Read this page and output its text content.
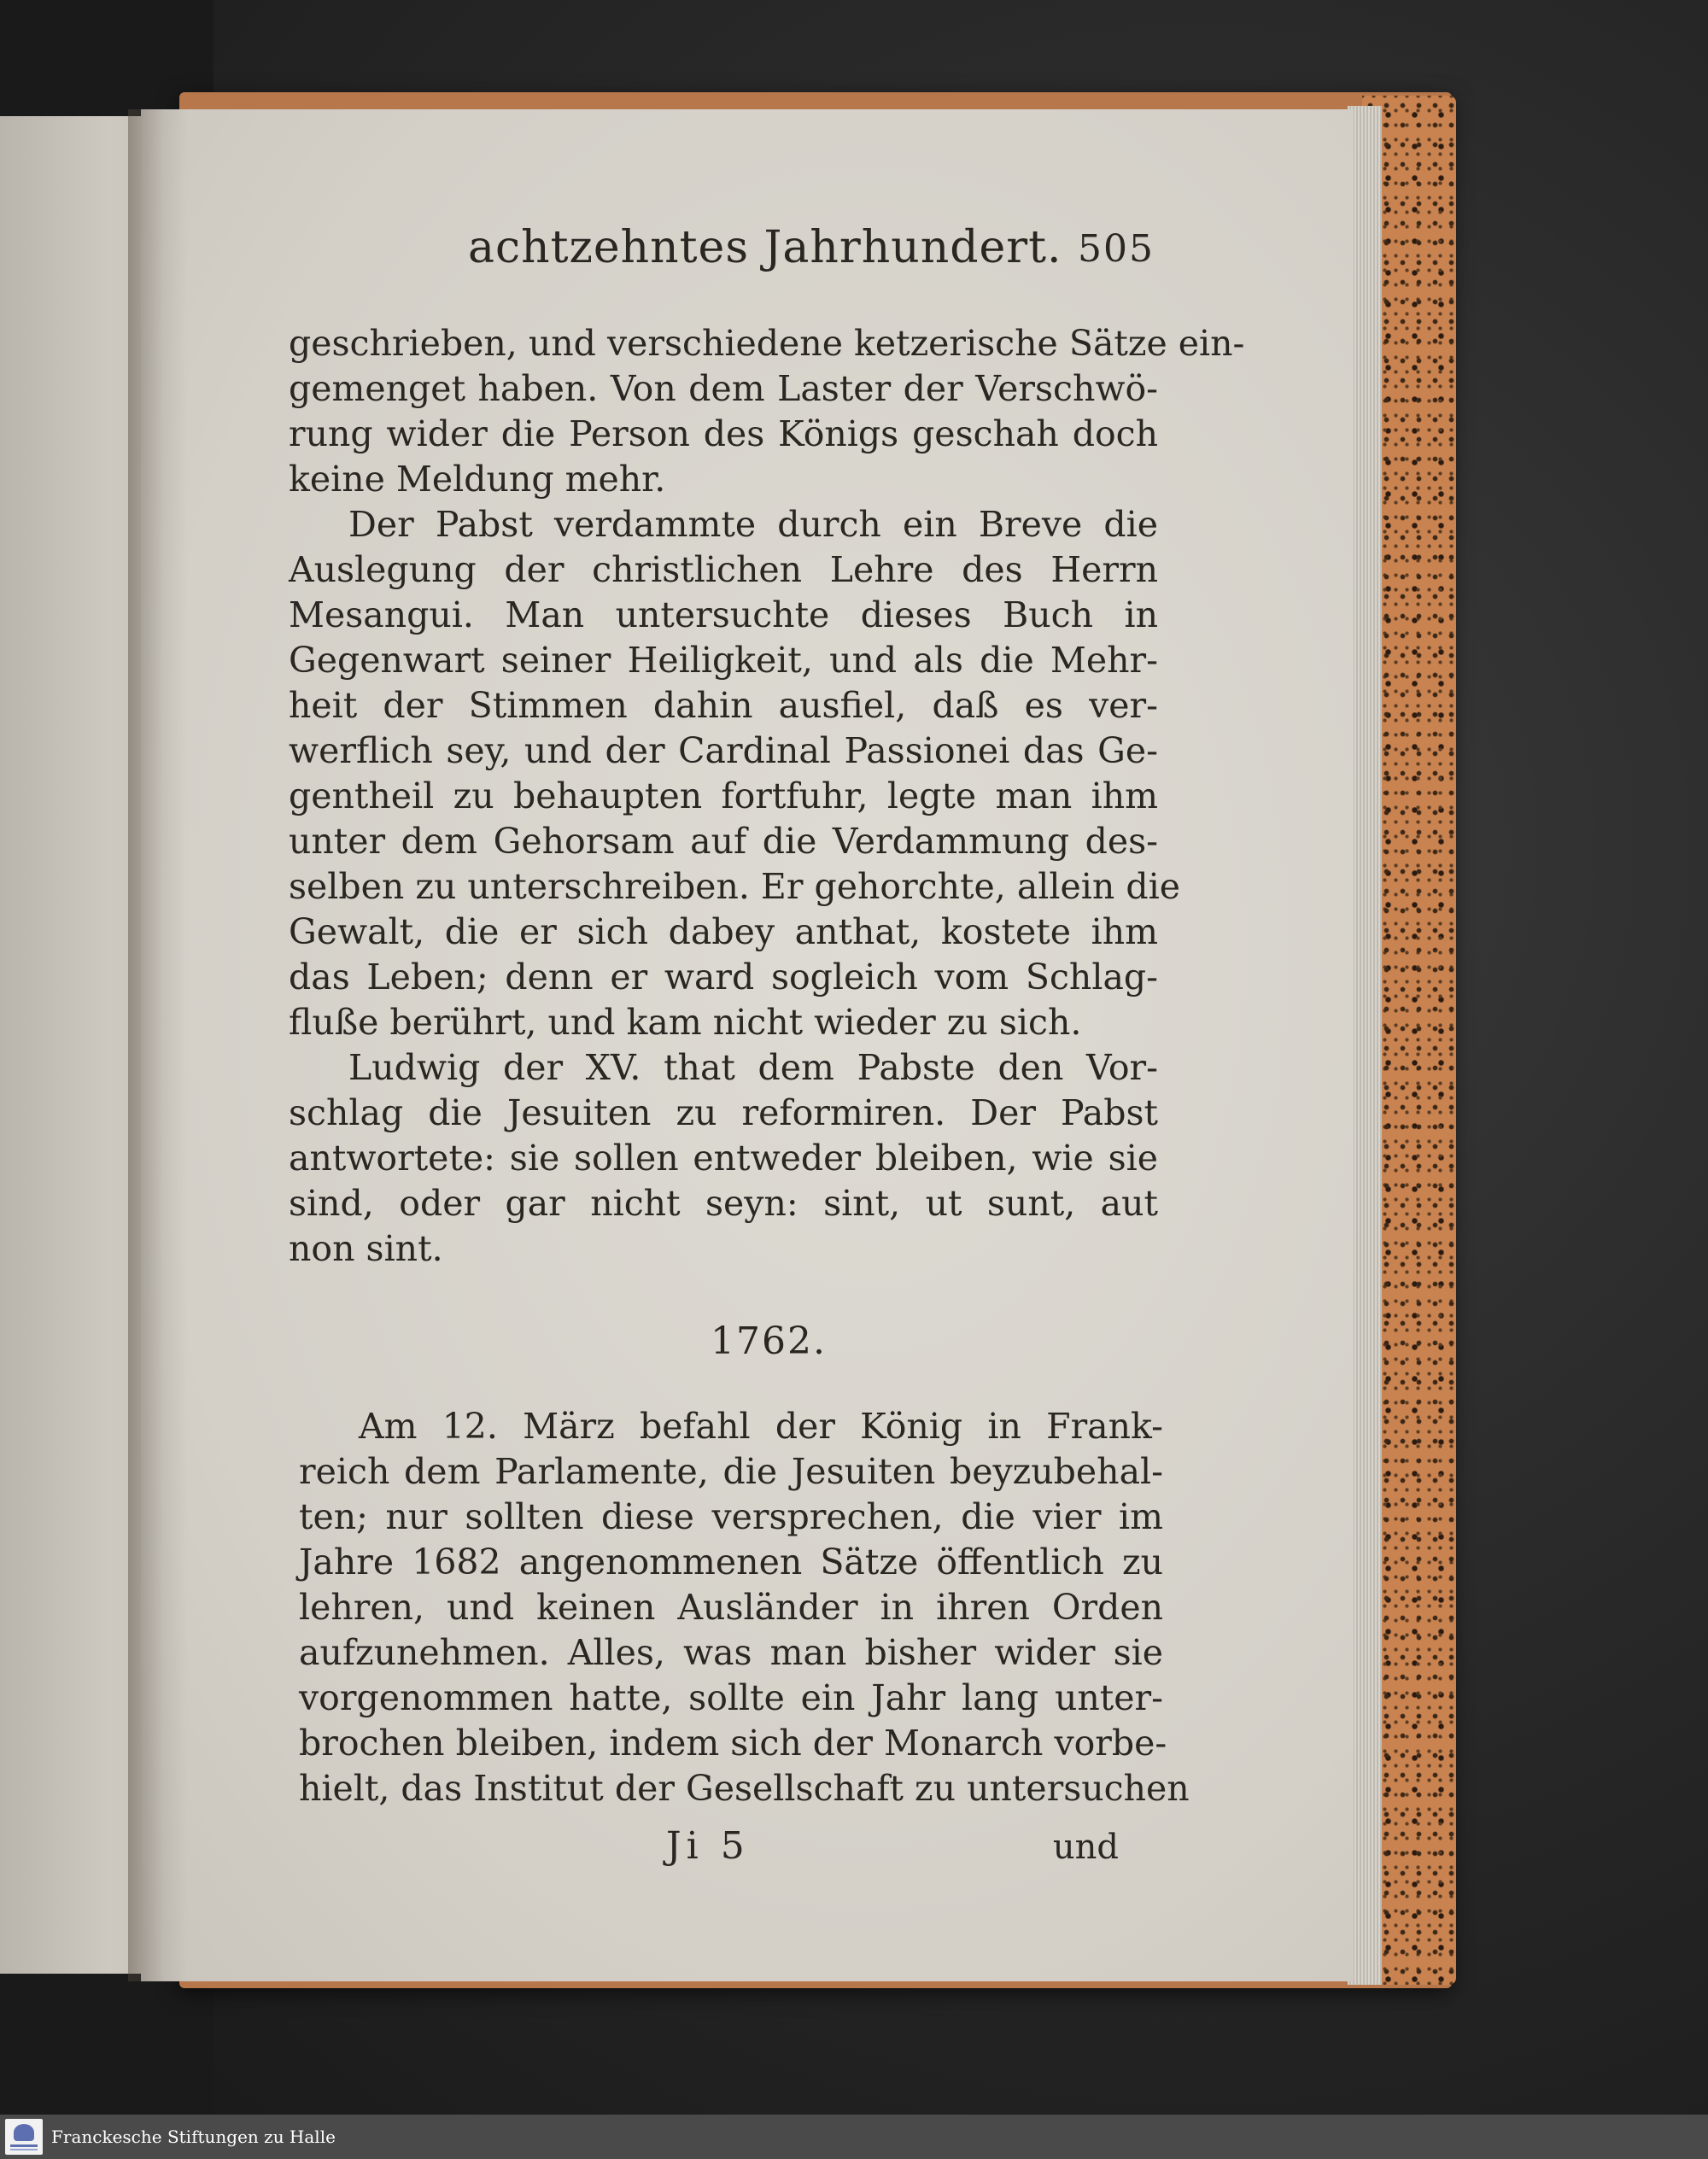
achtzehntes Jahrhundert. 505
geschrieben, und verschiedene ketzerische Sätze ein-
gemenget haben. Von dem Laster der Verschwö-
rung wider die Person des Königs geschah doch
keine Meldung mehr.
Der Pabst verdammte durch ein Breve die
Auslegung der christlichen Lehre des Herrn
Mesangui. Man untersuchte dieses Buch in
Gegenwart seiner Heiligkeit, und als die Mehr-
heit der Stimmen dahin ausfiel, daß es ver-
werflich sey, und der Cardinal Passionei das Ge-
gentheil zu behaupten fortfuhr, legte man ihm
unter dem Gehorsam auf die Verdammung des-
selben zu unterschreiben. Er gehorchte, allein die
Gewalt, die er sich dabey anthat, kostete ihm
das Leben; denn er ward sogleich vom Schlag-
fluße berührt, und kam nicht wieder zu sich.
Ludwig der XV. that dem Pabste den Vor-
schlag die Jesuiten zu reformiren. Der Pabst
antwortete: sie sollen entweder bleiben, wie sie
sind, oder gar nicht seyn: sint, ut sunt, aut
non sint.
1762.
Am 12. März befahl der König in Frank-
reich dem Parlamente, die Jesuiten beyzubehal-
ten; nur sollten diese versprechen, die vier im
Jahre 1682 angenommenen Sätze öffentlich zu
lehren, und keinen Ausländer in ihren Orden
aufzunehmen. Alles, was man bisher wider sie
vorgenommen hatte, sollte ein Jahr lang unter-
brochen bleiben, indem sich der Monarch vorbe-
hielt, das Institut der Gesellschaft zu untersuchen
Ji 5	und
Franckesche Stiftungen zu Halle
